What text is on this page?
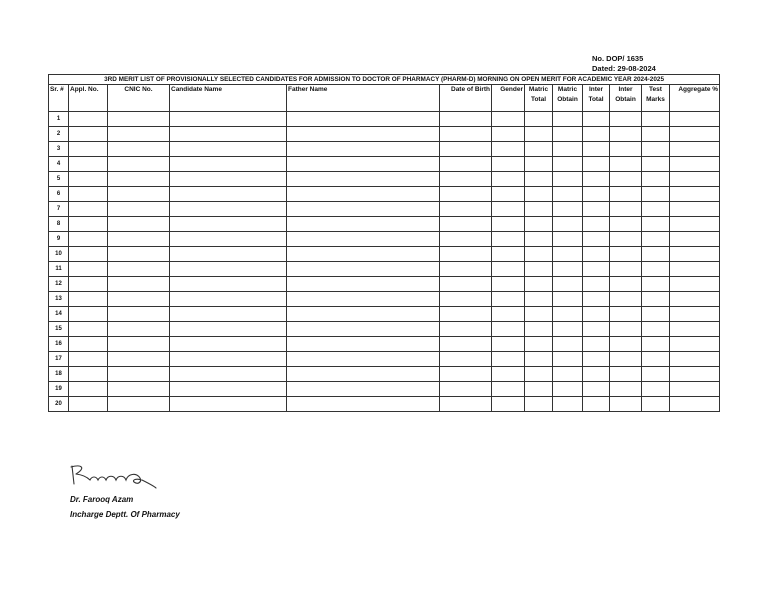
No. DOP/ 1635
Dated: 29-08-2024
3RD MERIT LIST OF PROVISIONALLY SELECTED CANDIDATES FOR ADMISSION TO DOCTOR OF PHARMACY (PHARM-D) MORNING ON OPEN MERIT FOR ACADEMIC YEAR 2024-2025												
Sr. #	Appl. No.	CNIC No.	Candidate Name	Father Name	Date of Birth	Gender	Matric Total	Matric Obtain	Inter Total	Inter Obtain	Test Marks	Aggregate %
1												
2												
3												
4												
5												
6												
7												
8												
9												
10												
11												
12												
13												
14												
15												
16												
17												
18												
19												
20												
Dr. Farooq Azam
Incharge Deptt. Of Pharmacy
